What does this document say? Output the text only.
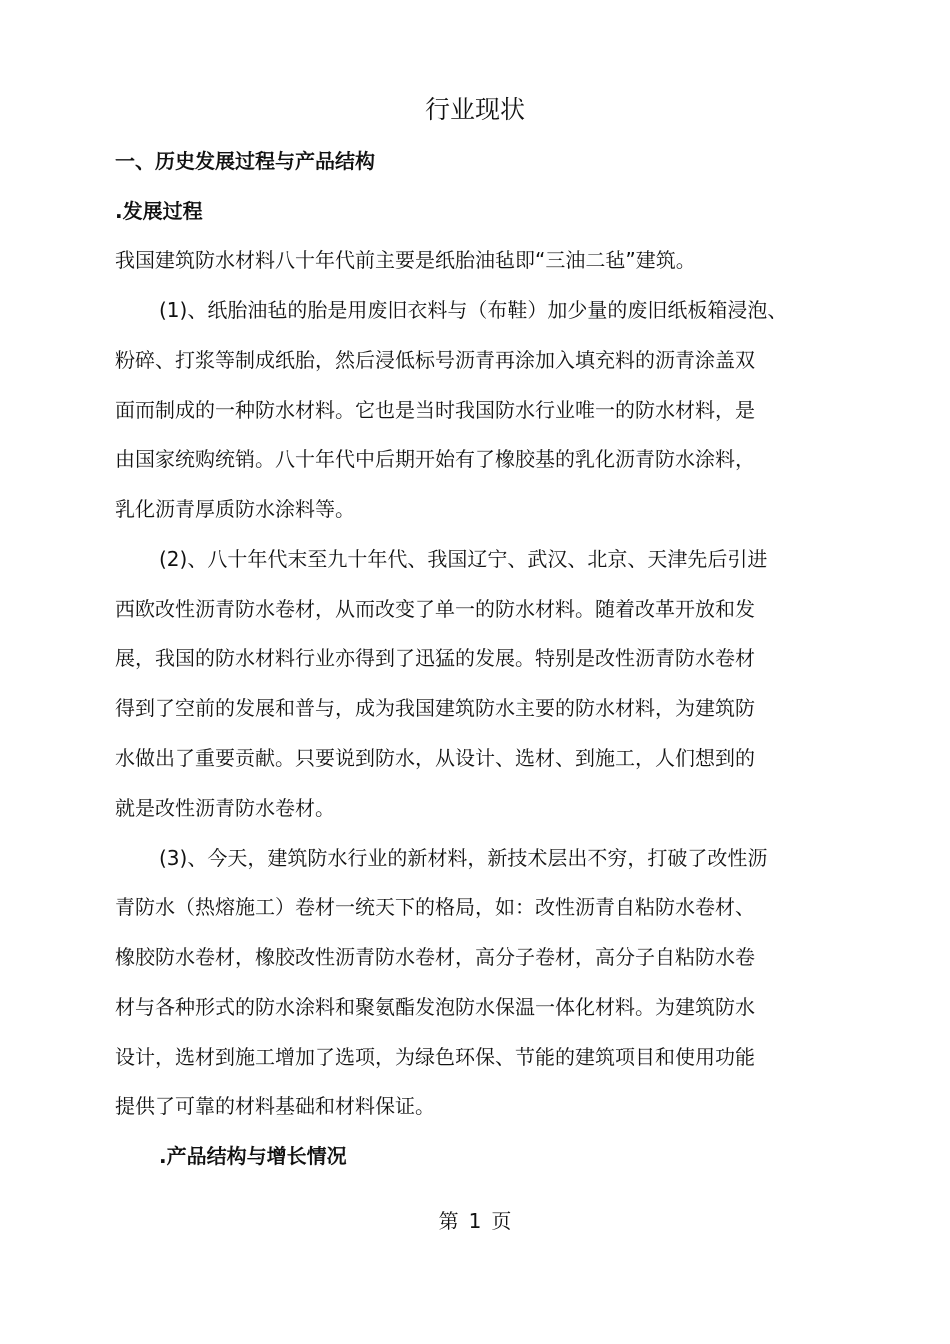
行业现状
一、历史发展过程与产品结构
.发展过程
我国建筑防水材料八十年代前主要是纸胎油毡即“三油二毡”建筑。
(1)、纸胎油毡的胎是用废旧衣料与（布鞋）加少量的废旧纸板箱浸泡、
粉碎、打浆等制成纸胎，然后浸低标号沥青再涂加入填充料的沥青涂盖双
面而制成的一种防水材料。它也是当时我国防水行业唯一的防水材料，是
由国家统购统销。八十年代中后期开始有了橡胶基的乳化沥青防水涂料，
乳化沥青厚质防水涂料等。
(2)、八十年代末至九十年代、我国辽宁、武汉、北京、天津先后引进
西欧改性沥青防水卷材，从而改变了单一的防水材料。随着改革开放和发
展，我国的防水材料行业亦得到了迅猛的发展。特别是改性沥青防水卷材
得到了空前的发展和普与，成为我国建筑防水主要的防水材料，为建筑防
水做出了重要贡献。只要说到防水，从设计、选材、到施工，人们想到的
就是改性沥青防水卷材。
(3)、今天，建筑防水行业的新材料，新技术层出不穷，打破了改性沥
青防水（热熔施工）卷材一统天下的格局，如：改性沥青自粘防水卷材、
橡胶防水卷材，橡胶改性沥青防水卷材，高分子卷材，高分子自粘防水卷
材与各种形式的防水涂料和聚氨酯发泡防水保温一体化材料。为建筑防水
设计，选材到施工增加了选项，为绿色环保、节能的建筑项目和使用功能
提供了可靠的材料基础和材料保证。
.产品结构与增长情况
第 1 页
